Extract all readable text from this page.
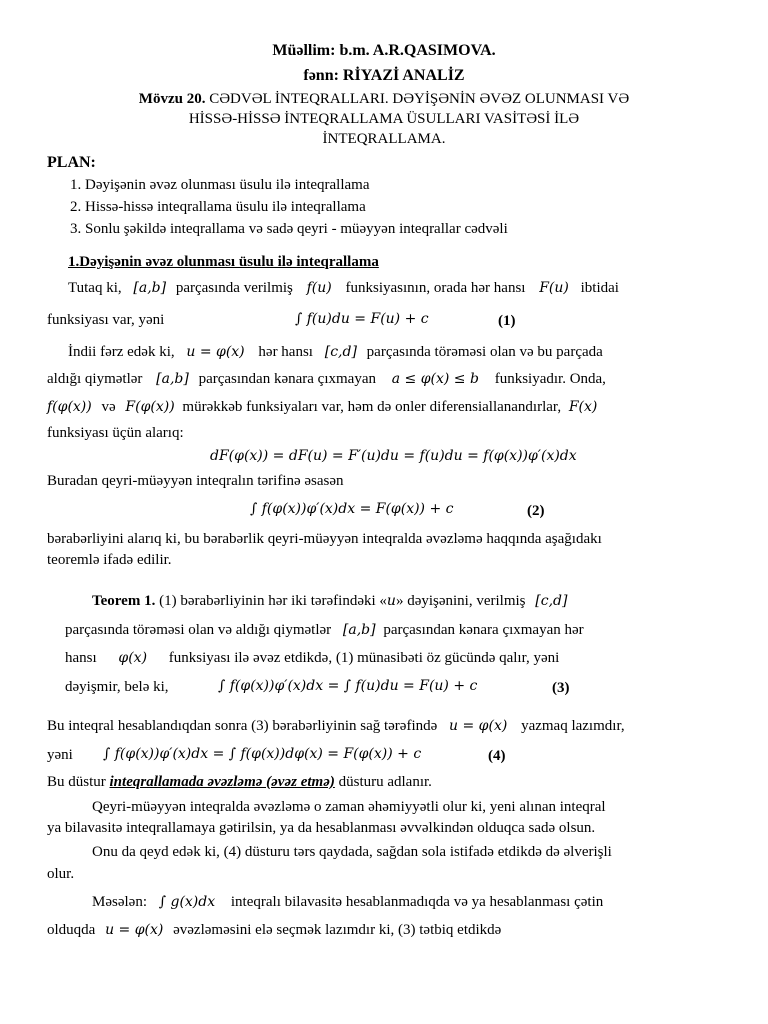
Müəllim: b.m. A.R.QASIMOVA.
fənn: RİYAZİ ANALİZ
Mövzu 20. CƏDVƏL İNTEQRALLARI. DƏYİŞƏNİN ƏVƏZ OLUNMASI VƏ
HİSSƏ-HİSSƏ İNTEQRALLAMA ÜSULLARI VASİTƏSİ İLƏ
İNTEQRALLAMA.
PLAN:
1. Dəyişənin əvəz olunması üsulu ilə inteqrallama
2. Hissə-hissə inteqrallama üsulu ilə inteqrallama
3. Sonlu şəkildə inteqrallama və sadə qeyri - müəyyən inteqrallar cədvəli
1.Dəyişənin əvəz olunması üsulu ilə inteqrallama
Tutaq ki, [a,b] parçasında verilmiş f(u) funksiyasının, orada hər hansı F(u) ibtidai
funksiyası var, yəni	∫ f(u)du = F(u) + c	(1)
İndii fərz edək ki, u = φ(x) hər hansı [c,d] parçasında törəməsi olan və bu parçada
aldığı qiymətlər [a,b] parçasından kənara çıxmayan a ≤ φ(x) ≤ b funksiyadır. Onda,
f(φ(x)) və F(φ(x)) mürəkkəb funksiyaları var, həm də onler diferensiallanandırlar, F(x)
funksiyası üçün alarıq:
dF(φ(x)) = dF(u) = F′(u)du = f(u)du = f(φ(x))φ′(x)dx
Buradan qeyri-müəyyən inteqralın tərifinə əsasən
∫ f(φ(x))φ′(x)dx = F(φ(x)) + c	(2)
bərabərliyini alarıq ki, bu bərabərlik qeyri-müəyyən inteqralda əvəzləmə haqqında aşağıdakı
teoremlə ifadə edilir.
Teorem 1. (1) bərabərliyinin hər iki tərəfindəki «u» dəyişənini, verilmiş [c,d]
parçasında törəməsi olan və aldığı qiymətlər [a,b] parçasından kənara çıxmayan hər
hansı φ(x) funksiyası ilə əvəz etdikdə, (1) münasibəti öz gücündə qalır, yəni
dəyişmir, belə ki,	∫ f(φ(x))φ′(x)dx = ∫ f(u)du = F(u) + c	(3)
Bu inteqral hesablandıqdan sonra (3) bərabərliyinin sağ tərəfində u = φ(x) yazmaq lazımdır,
yəni ∫ f(φ(x))φ′(x)dx = ∫ f(φ(x))dφ(x) = F(φ(x)) + c	(4)
Bu düstur inteqrallamada əvəzləmə (əvəz etmə) düsturu adlanır.
Qeyri-müəyyən inteqralda əvəzləmə o zaman əhəmiyyətli olur ki, yeni alınan inteqral
ya bilavasitə inteqrallamaya gətirilsin, ya da hesablanması əvvəlkindən olduqca sadə olsun.
Onu da qeyd edək ki, (4) düsturu tərs qaydada, sağdan sola istifadə etdikdə də əlverişli
olur.
Məsələn: ∫ g(x)dx inteqralı bilavasitə hesablanmadıqda və ya hesablanması çətin
olduqda u = φ(x) əvəzləməsini elə seçmək lazımdır ki, (3) tətbiq etdikdə
